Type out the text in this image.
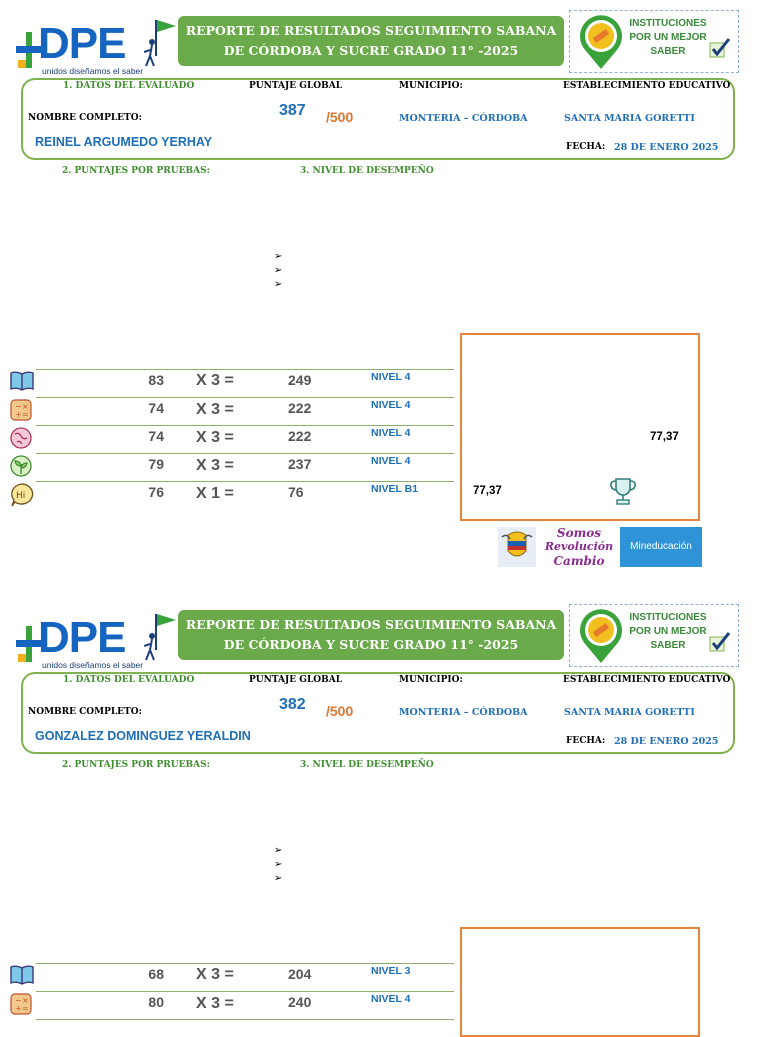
DPE
unidos diseñamos el saber
REPORTE DE RESULTADOS SEGUIMIENTO SABANA
DE CÓRDOBA Y SUCRE GRADO 11° -2025
INSTITUCIONES
POR UN MEJOR
SABER
1. DATOS DEL EVALUADO	PUNTAJE GLOBAL	MUNICIPIO:	ESTABLECIMIENTO EDUCATIVO
NOMBRE COMPLETO:	387 /500	MONTERIA – CÓRDOBA	SANTA MARIA GORETTI
REINEL ARGUMEDO YERHAY	FECHA: 28 DE ENERO 2025
2. PUNTAJES POR PRUEBAS:	3. NIVEL DE DESEMPEÑO
➢
➢
➢
83 X 3 =	249	NIVEL 4
− ×
+ =	74 X 3 =	222	NIVEL 4
74 X 3 =	222	NIVEL 4
79 X 3 =	237	NIVEL 4
Hi	76 X 1 =	76	NIVEL B1
77,37
77,37
Somos
Revolución
Cambio
Mineducación
DPE
unidos diseñamos el saber
REPORTE DE RESULTADOS SEGUIMIENTO SABANA
DE CÓRDOBA Y SUCRE GRADO 11° -2025
INSTITUCIONES
POR UN MEJOR
SABER
1. DATOS DEL EVALUADO	PUNTAJE GLOBAL	MUNICIPIO:	ESTABLECIMIENTO EDUCATIVO
NOMBRE COMPLETO:	382 /500	MONTERIA – CÓRDOBA	SANTA MARIA GORETTI
GONZALEZ DOMINGUEZ YERALDIN	FECHA: 28 DE ENERO 2025
2. PUNTAJES POR PRUEBAS:	3. NIVEL DE DESEMPEÑO
➢
➢
➢
68 X 3 =	204	NIVEL 3
− ×
+ =	80 X 3 =	240	NIVEL 4
